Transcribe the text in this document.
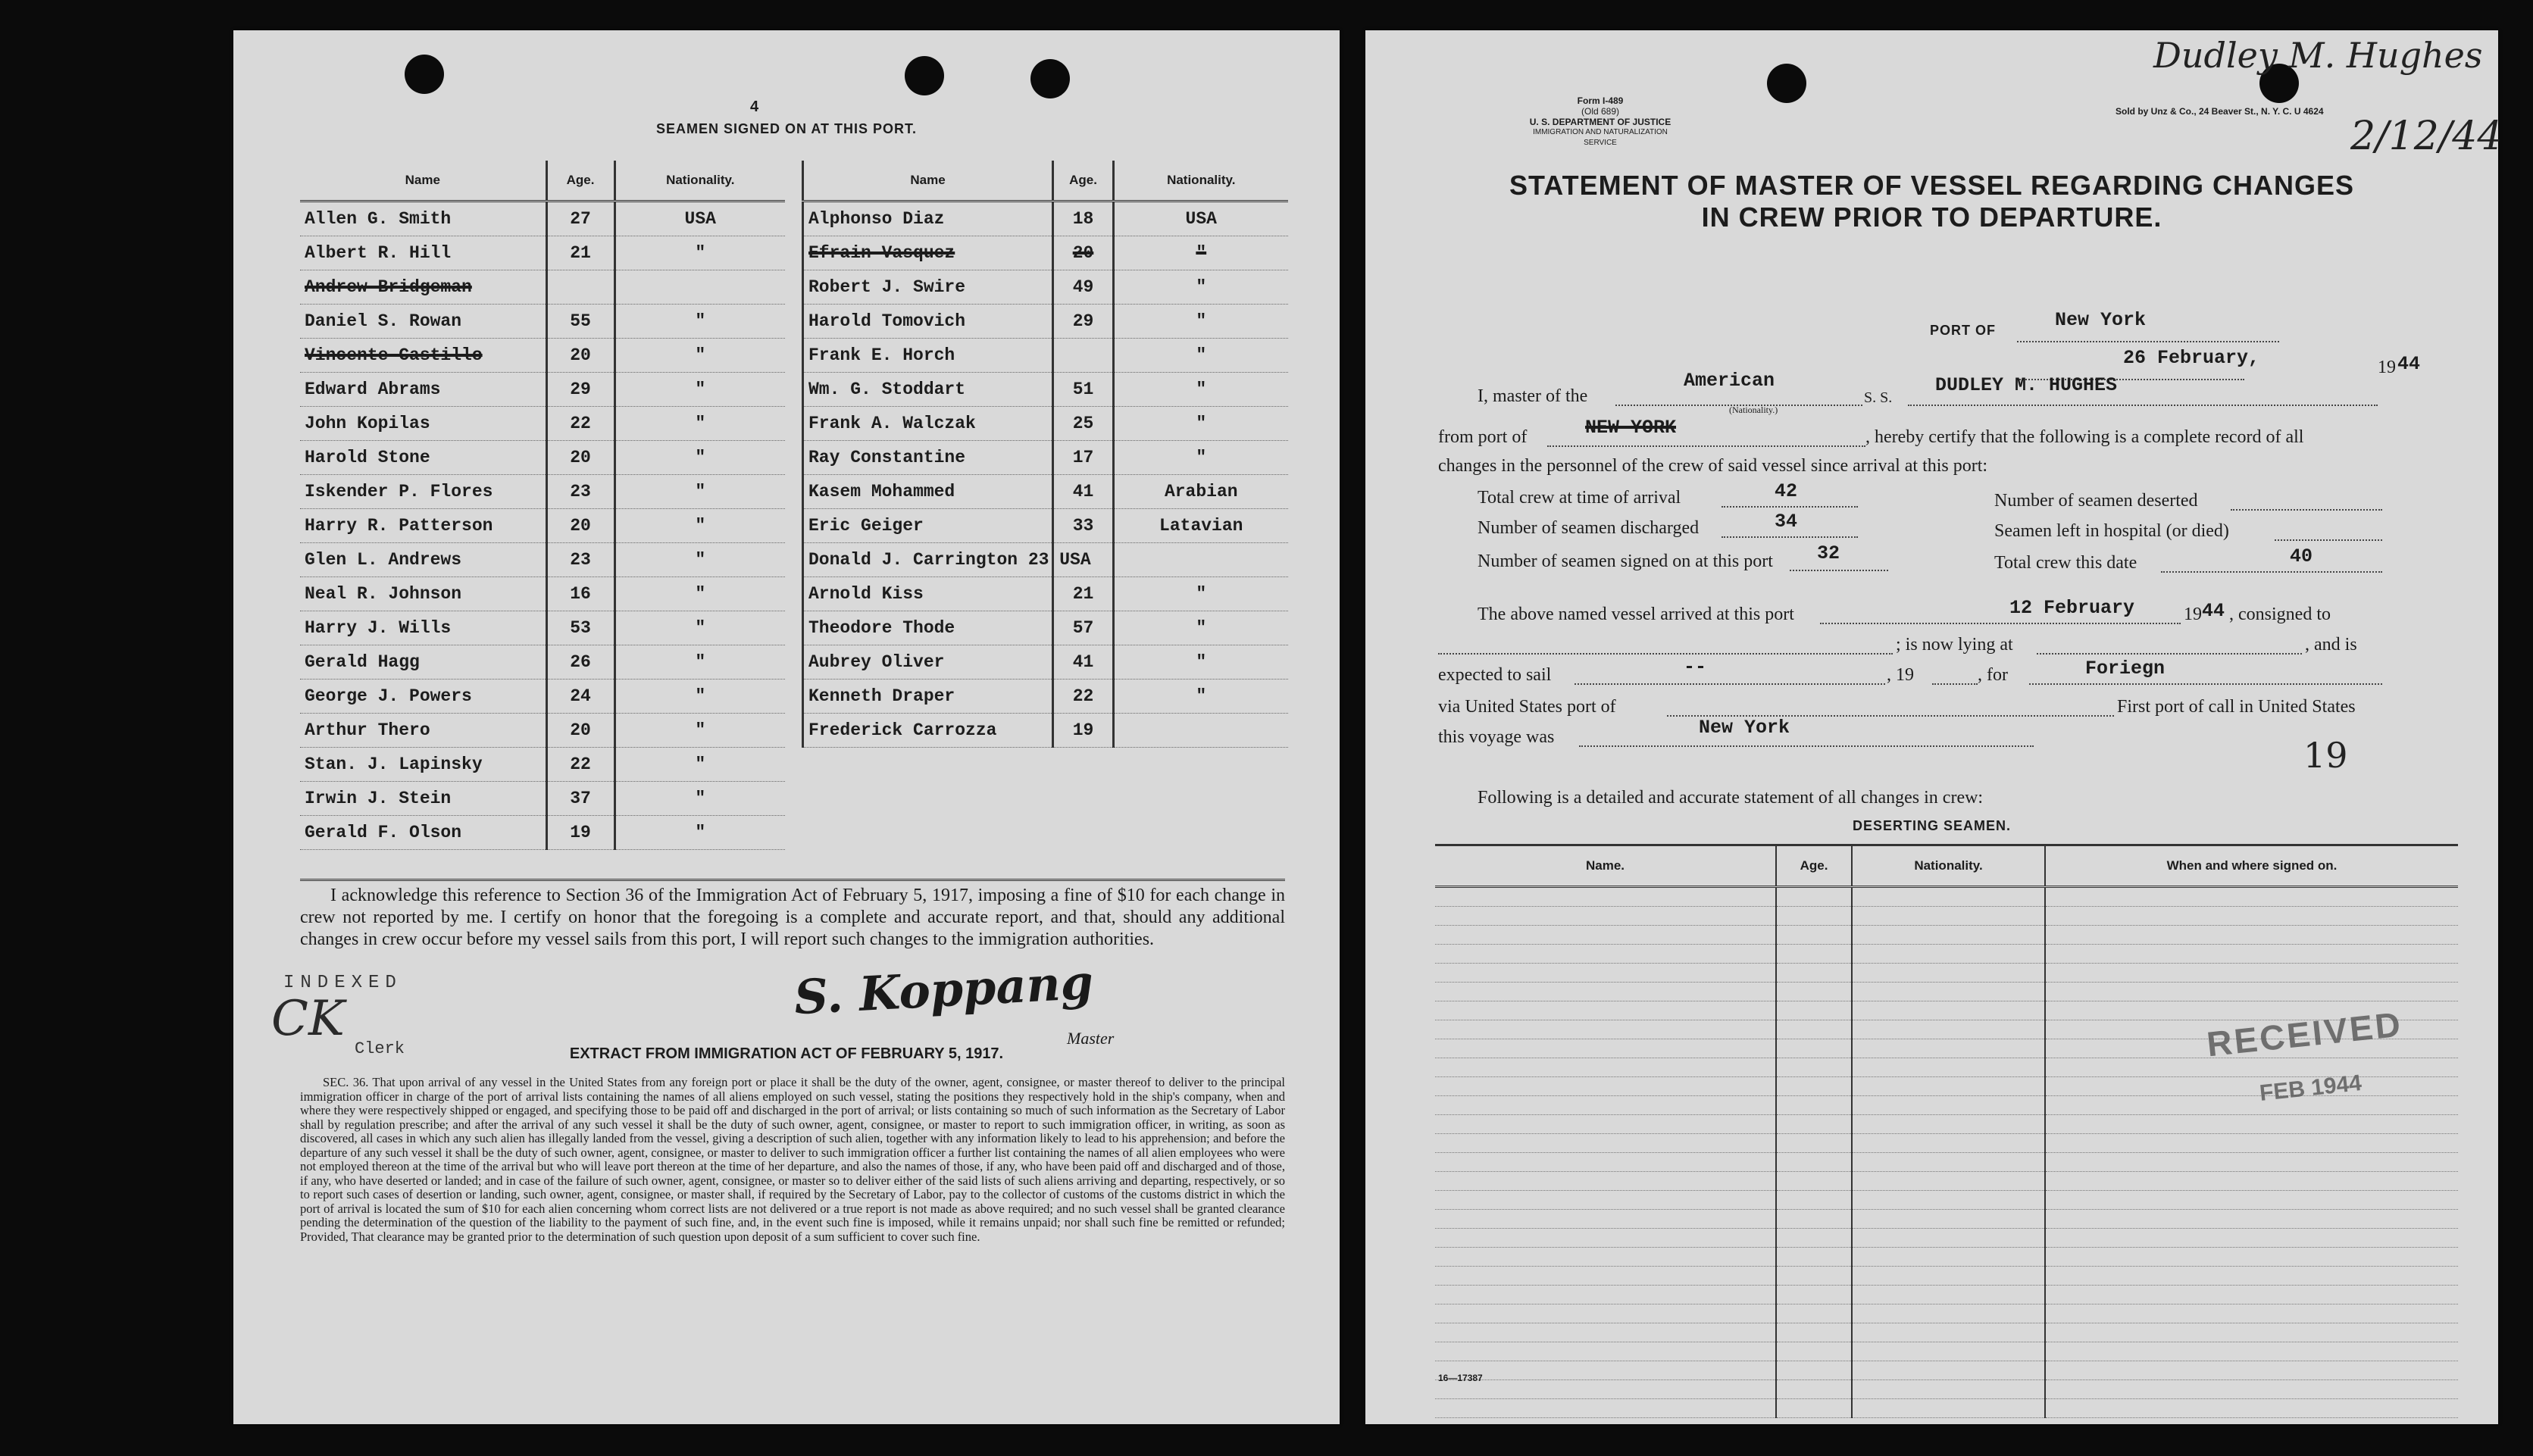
4
SEAMEN SIGNED ON AT THIS PORT.
Name	Age.	Nationality.
Allen G. Smith	27	USA
Albert R. Hill	21	"
Andrew Bridgeman		
Daniel S. Rowan	55	"
Vincente Castillo	20	"
Edward Abrams	29	"
John Kopilas	22	"
Harold Stone	20	"
Iskender P. Flores	23	"
Harry R. Patterson	20	"
Glen L. Andrews	23	"
Neal R. Johnson	16	"
Harry J. Wills	53	"
Gerald Hagg	26	"
George J. Powers	24	"
Arthur Thero	20	"
Stan. J. Lapinsky	22	"
Irwin J. Stein	37	"
Gerald F. Olson	19	"
Name	Age.	Nationality.
Alphonso Diaz	18	USA
Efrain Vasquez	20	"
Robert J. Swire	49	"
Harold Tomovich	29	"
Frank E. Horch		"
Wm. G. Stoddart	51	"
Frank A. Walczak	25	"
Ray Constantine	17	"
Kasem Mohammed	41	Arabian
Eric Geiger	33	Latavian
Donald J. Carrington 23 USA		
Arnold Kiss	21	"
Theodore Thode	57	"
Aubrey Oliver	41	"
Kenneth Draper	22	"
Frederick Carrozza	19	
I acknowledge this reference to Section 36 of the Immigration Act of February 5, 1917, imposing a fine of $10 for each change in crew not reported by me. I certify on honor that the foregoing is a complete and accurate report, and that, should any additional changes in crew occur before my vessel sails from this port, I will report such changes to the immigration authorities.
INDEXED
CK
Clerk
S. Koppang
Master
EXTRACT FROM IMMIGRATION ACT OF FEBRUARY 5, 1917.
SEC. 36. That upon arrival of any vessel in the United States from any foreign port or place it shall be the duty of the owner, agent, consignee, or master thereof to deliver to the principal immigration officer in charge of the port of arrival lists containing the names of all aliens employed on such vessel, stating the positions they respectively hold in the ship's company, when and where they were respectively shipped or engaged, and specifying those to be paid off and discharged in the port of arrival; or lists containing so much of such information as the Secretary of Labor shall by regulation prescribe; and after the arrival of any such vessel it shall be the duty of such owner, agent, consignee, or master to report to such immigration officer, in writing, as soon as discovered, all cases in which any such alien has illegally landed from the vessel, giving a description of such alien, together with any information likely to lead to his apprehension; and before the departure of any such vessel it shall be the duty of such owner, agent, consignee, or master to deliver to such immigration officer a further list containing the names of all alien employees who were not employed thereon at the time of the arrival but who will leave port thereon at the time of her departure, and also the names of those, if any, who have been paid off and discharged and of those, if any, who have deserted or landed; and in case of the failure of such owner, agent, consignee, or master so to deliver either of the said lists of such aliens arriving and departing, respectively, or so to report such cases of desertion or landing, such owner, agent, consignee, or master shall, if required by the Secretary of Labor, pay to the collector of customs of the customs district in which the port of arrival is located the sum of $10 for each alien concerning whom correct lists are not delivered or a true report is not made as above required; and no such vessel shall be granted clearance pending the determination of the question of the liability to the payment of such fine, and, in the event such fine is imposed, while it remains unpaid; nor shall such fine be remitted or refunded; Provided, That clearance may be granted prior to the determination of such question upon deposit of a sum sufficient to cover such fine.
Dudley M. Hughes
2/12/44
Form I-489
(Old 689)
U. S. DEPARTMENT OF JUSTICE
IMMIGRATION AND NATURALIZATION SERVICE
Sold by Unz & Co., 24 Beaver St., N. Y. C. U 4624
STATEMENT OF MASTER OF VESSEL REGARDING CHANGES
IN CREW PRIOR TO DEPARTURE.
PORT OF	New York
26 February,	19 44
I, master of the
American
(Nationality.)
S. S.
DUDLEY M. HUGHES
from port of	NEW YORK	, hereby certify that the following is a complete record of all
changes in the personnel of the crew of said vessel since arrival at this port:
Total crew at time of arrival	42	Number of seamen deserted
Number of seamen discharged	34	Seamen left in hospital (or died)
Number of seamen signed on at this port 32	Total crew this date	40
The above named vessel arrived at this port	12 February	19 44 , consigned to
; is now lying at	, and is
expected to sail	--	, 19	, for	Foriegn
via United States port of	First port of call in United States
this voyage was	New York
19
Following is a detailed and accurate statement of all changes in crew:
DESERTING SEAMEN.
Name.	Age.	Nationality.	When and where signed on.

RECEIVED
FEB 1944
16—17387
